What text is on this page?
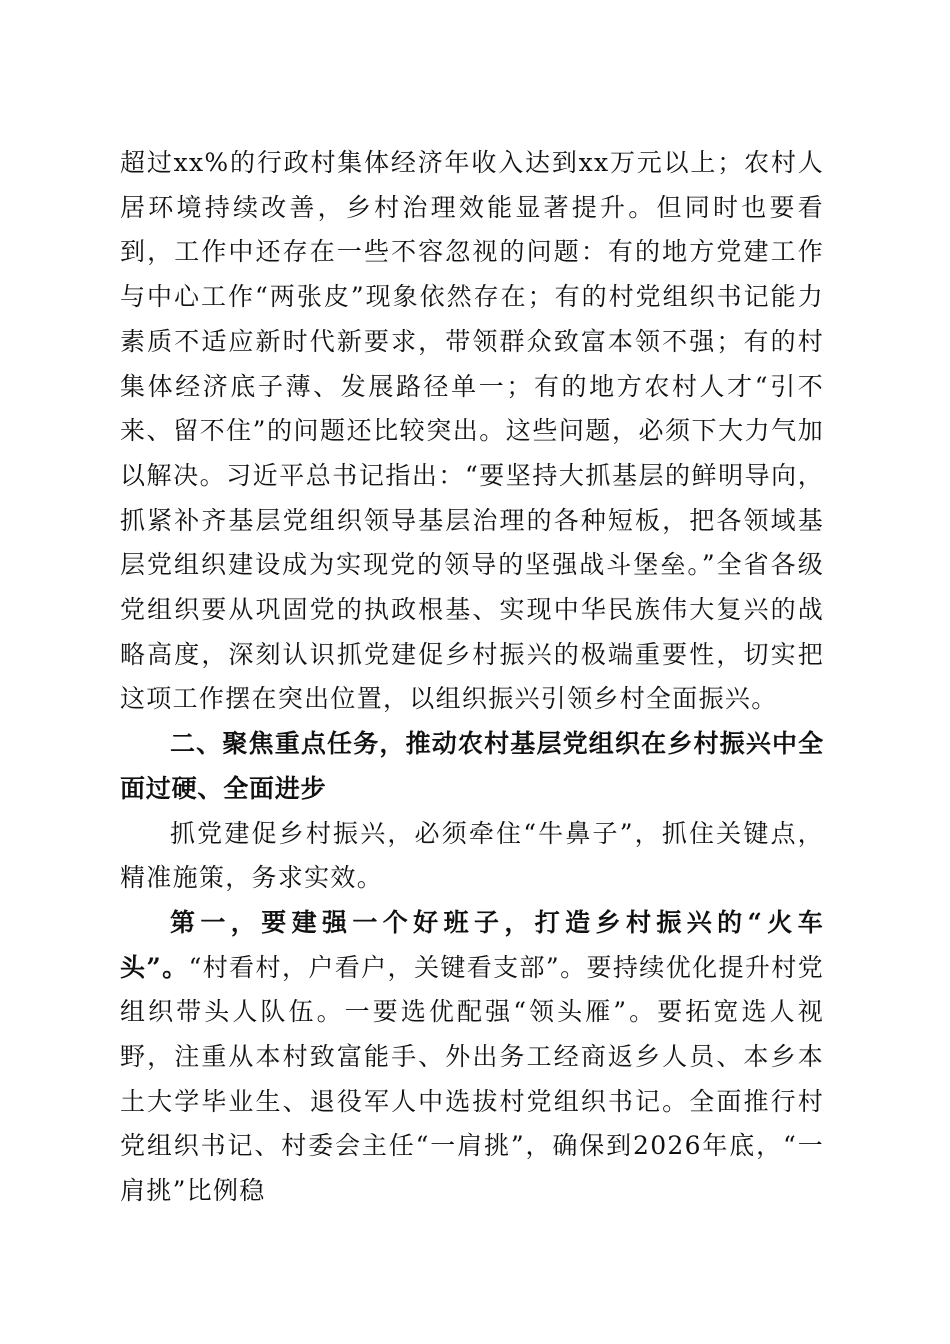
超过xx%的行政村集体经济年收入达到xx万元以上；农村人居环境持续改善，乡村治理效能显著提升。但同时也要看到，工作中还存在一些不容忽视的问题：有的地方党建工作与中心工作“两张皮”现象依然存在；有的村党组织书记能力素质不适应新时代新要求，带领群众致富本领不强；有的村集体经济底子薄、发展路径单一；有的地方农村人才“引不来、留不住”的问题还比较突出。这些问题，必须下大力气加以解决。习近平总书记指出：“要坚持大抓基层的鲜明导向，抓紧补齐基层党组织领导基层治理的各种短板，把各领域基层党组织建设成为实现党的领导的坚强战斗堡垒。”全省各级党组织要从巩固党的执政根基、实现中华民族伟大复兴的战略高度，深刻认识抓党建促乡村振兴的极端重要性，切实把这项工作摆在突出位置，以组织振兴引领乡村全面振兴。

二、聚焦重点任务，推动农村基层党组织在乡村振兴中全面过硬、全面进步

抓党建促乡村振兴，必须牵住“牛鼻子”，抓住关键点，精准施策，务求实效。

第一，要建强一个好班子，打造乡村振兴的“火车头”。“村看村，户看户，关键看支部”。要持续优化提升村党组织带头人队伍。一要选优配强“领头雁”。要拓宽选人视野，注重从本村致富能手、外出务工经商返乡人员、本乡本土大学毕业生、退役军人中选拔村党组织书记。全面推行村党组织书记、村委会主任“一肩挑”，确保到2026年底，“一肩挑”比例稳
